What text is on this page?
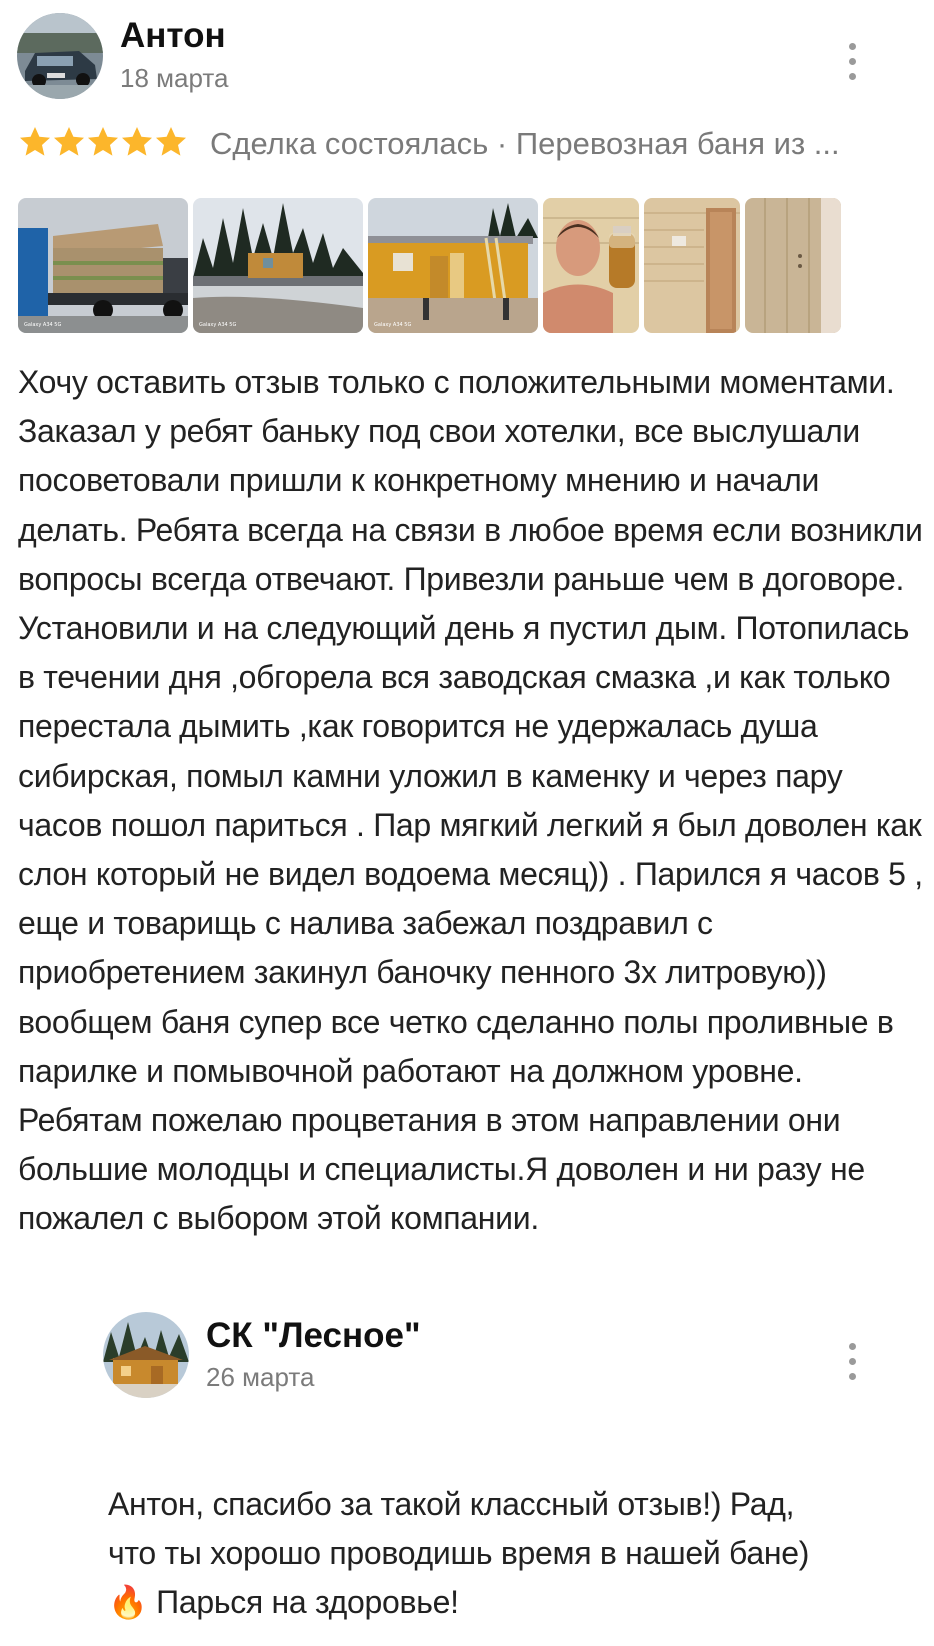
Антон
18 марта
Сделка состоялась · Перевозная баня из ...
Galaxy A34 5G	Galaxy A34 5G	Galaxy A34 5G
Хочу оставить отзыв только с положительными моментами. Заказал у ребят баньку под свои хотелки, все выслушали посоветовали пришли к конкретному мнению и начали делать. Ребята всегда на связи в любое время если возникли вопросы всегда отвечают. Привезли раньше чем в договоре. Установили и на следующий день я пустил дым. Потопилась в течении дня ,обгорела вся заводская смазка ,и как только перестала дымить ,как говорится не удержалась душа сибирская, помыл камни уложил в каменку и через пару часов пошол париться . Пар мягкий легкий я был доволен как слон который не видел водоема месяц)) . Парился я часов 5 , еще и товарищь с налива забежал поздравил с приобретением закинул баночку пенного 3х литровую)) вообщем баня супер все четко сделанно полы проливные в парилке и помывочной работают на должном уровне. Ребятам пожелаю процветания в этом направлении они большие молодцы и специалисты.Я доволен и ни разу не пожалел с выбором этой компании.
СК "Лесное"
26 марта
Антон, спасибо за такой классный отзыв!) Рад,
что ты хорошо проводишь время в нашей бане)
🔥 Парься на здоровье!
